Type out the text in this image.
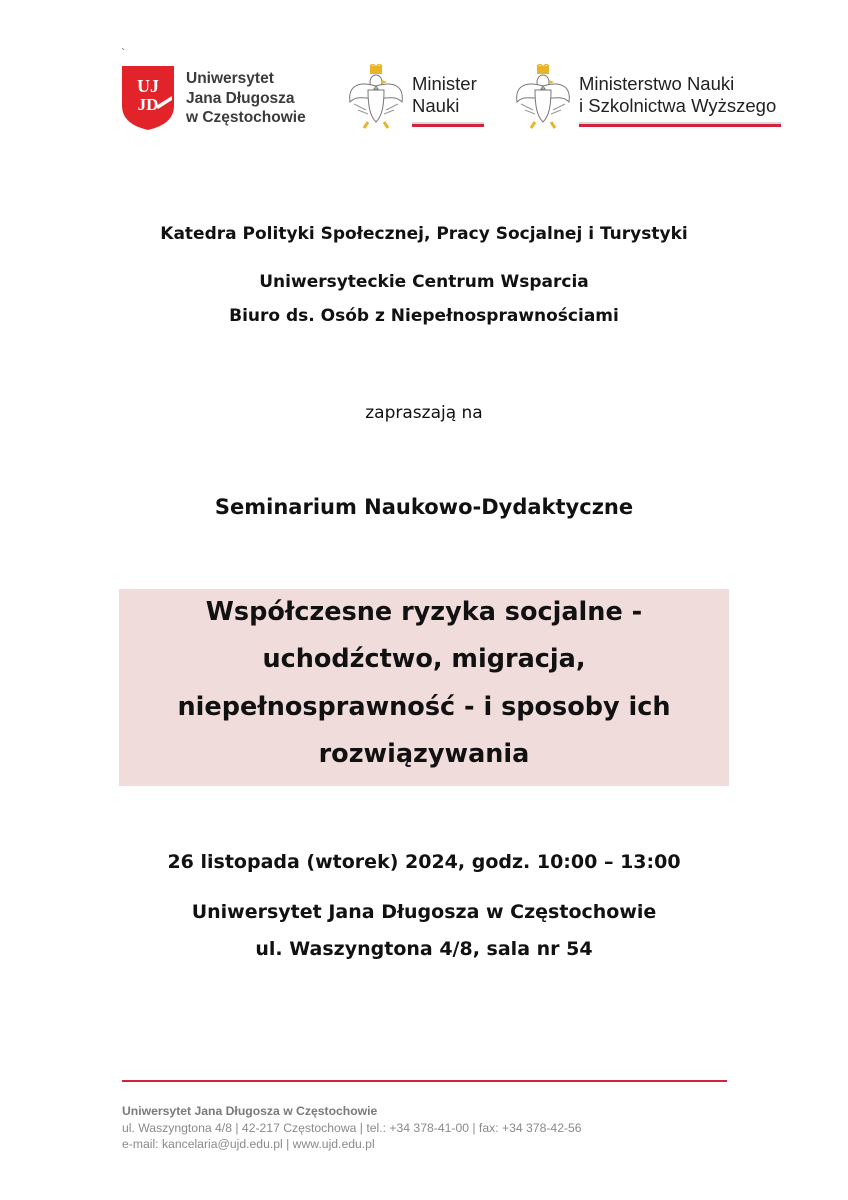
`
UJ
JD
Uniwersytet
Jana Długosza
w Częstochowie
Minister
Nauki
Ministerstwo Nauki
i Szkolnictwa Wyższego
Katedra Polityki Społecznej, Pracy Socjalnej i Turystyki
Uniwersyteckie Centrum Wsparcia
Biuro ds. Osób z Niepełnosprawnościami
zapraszają na
Seminarium Naukowo-Dydaktyczne
Współczesne ryzyka socjalne -
uchodźctwo, migracja,
niepełnosprawność - i sposoby ich
rozwiązywania
26 listopada (wtorek) 2024, godz. 10:00 – 13:00
Uniwersytet Jana Długosza w Częstochowie
ul. Waszyngtona 4/8, sala nr 54
Uniwersytet Jana Długosza w Częstochowie
ul. Waszyngtona 4/8 | 42-217 Częstochowa | tel.: +34 378-41-00 | fax: +34 378-42-56
e-mail: kancelaria@ujd.edu.pl | www.ujd.edu.pl
